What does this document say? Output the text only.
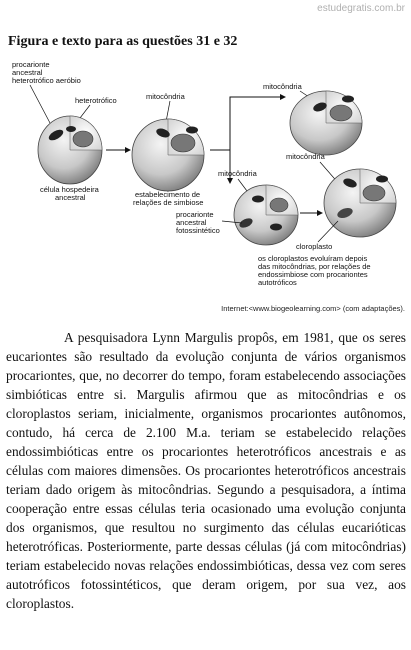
estudegratis.com.br
Figura e texto para as questões 31 e 32
procarionte
ancestral
heterotrófico aeróbio
heterotrófico
célula hospedeira
ancestral
mitocôndria
estabelecimento de
relações de simbiose
mitocôndria
mitocôndria
procarionte
ancestral
fotossintético
mitocôndria
cloroplasto
os cloroplastos evoluíram depois
das mitocôndrias, por relações de
endossimbiose com procariontes
autotróficos
Internet:<www.biogeolearning.com> (com adaptações).

A pesquisadora Lynn Margulis propôs, em 1981, que os seres eucariontes são resultado da evolução conjunta de vários organismos procariontes, que, no decorrer do tempo, foram estabelecendo associações simbióticas entre si. Margulis afirmou que as mitocôndrias e os cloroplastos seriam, inicialmente, organismos procariontes autônomos, contudo, há cerca de 2.100 M.a. teriam se estabelecido relações endossimbióticas entre os procariontes heterotróficos ancestrais e as células com maiores dimensões. Os procariontes heterotróficos ancestrais teriam dado origem às mitocôndrias. Segundo a pesquisadora, a íntima cooperação entre essas células teria ocasionado uma evolução conjunta dos organismos, que resultou no surgimento das células eucarióticas heterotróficas. Posteriormente, parte dessas células (já com mitocôndrias) teriam estabelecido novas relações endossimbióticas, dessa vez com seres autotróficos fotossintéticos, que deram origem, por sua vez, aos cloroplastos.
